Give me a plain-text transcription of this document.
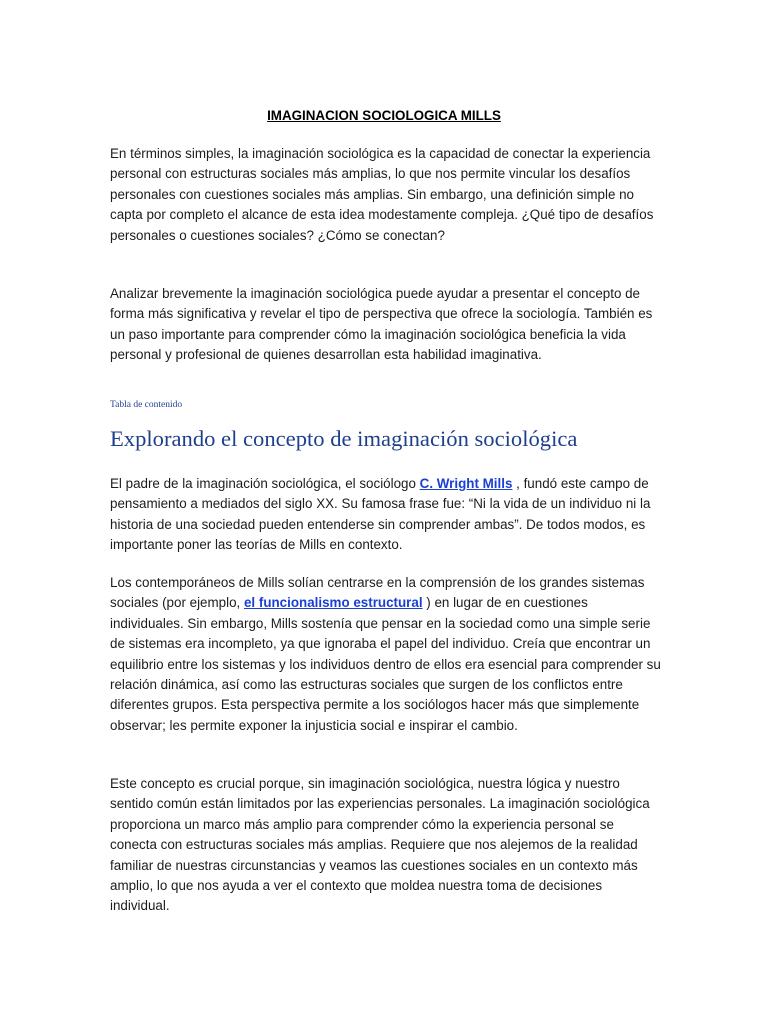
IMAGINACION SOCIOLOGICA MILLS

En términos simples, la imaginación sociológica es la capacidad de conectar la experiencia personal con estructuras sociales más amplias, lo que nos permite vincular los desafíos personales con cuestiones sociales más amplias. Sin embargo, una definición simple no capta por completo el alcance de esta idea modestamente compleja. ¿Qué tipo de desafíos personales o cuestiones sociales? ¿Cómo se conectan?

Analizar brevemente la imaginación sociológica puede ayudar a presentar el concepto de forma más significativa y revelar el tipo de perspectiva que ofrece la sociología. También es un paso importante para comprender cómo la imaginación sociológica beneficia la vida personal y profesional de quienes desarrollan esta habilidad imaginativa.

Tabla de contenido

Explorando el concepto de imaginación sociológica

El padre de la imaginación sociológica, el sociólogo C. Wright Mills , fundó este campo de pensamiento a mediados del siglo XX. Su famosa frase fue: “Ni la vida de un individuo ni la historia de una sociedad pueden entenderse sin comprender ambas”. De todos modos, es importante poner las teorías de Mills en contexto.

Los contemporáneos de Mills solían centrarse en la comprensión de los grandes sistemas sociales (por ejemplo, el funcionalismo estructural ) en lugar de en cuestiones individuales. Sin embargo, Mills sostenía que pensar en la sociedad como una simple serie de sistemas era incompleto, ya que ignoraba el papel del individuo. Creía que encontrar un equilibrio entre los sistemas y los individuos dentro de ellos era esencial para comprender su relación dinámica, así como las estructuras sociales que surgen de los conflictos entre diferentes grupos. Esta perspectiva permite a los sociólogos hacer más que simplemente observar; les permite exponer la injusticia social e inspirar el cambio.

Este concepto es crucial porque, sin imaginación sociológica, nuestra lógica y nuestro sentido común están limitados por las experiencias personales. La imaginación sociológica proporciona un marco más amplio para comprender cómo la experiencia personal se conecta con estructuras sociales más amplias. Requiere que nos alejemos de la realidad familiar de nuestras circunstancias y veamos las cuestiones sociales en un contexto más amplio, lo que nos ayuda a ver el contexto que moldea nuestra toma de decisiones individual.
